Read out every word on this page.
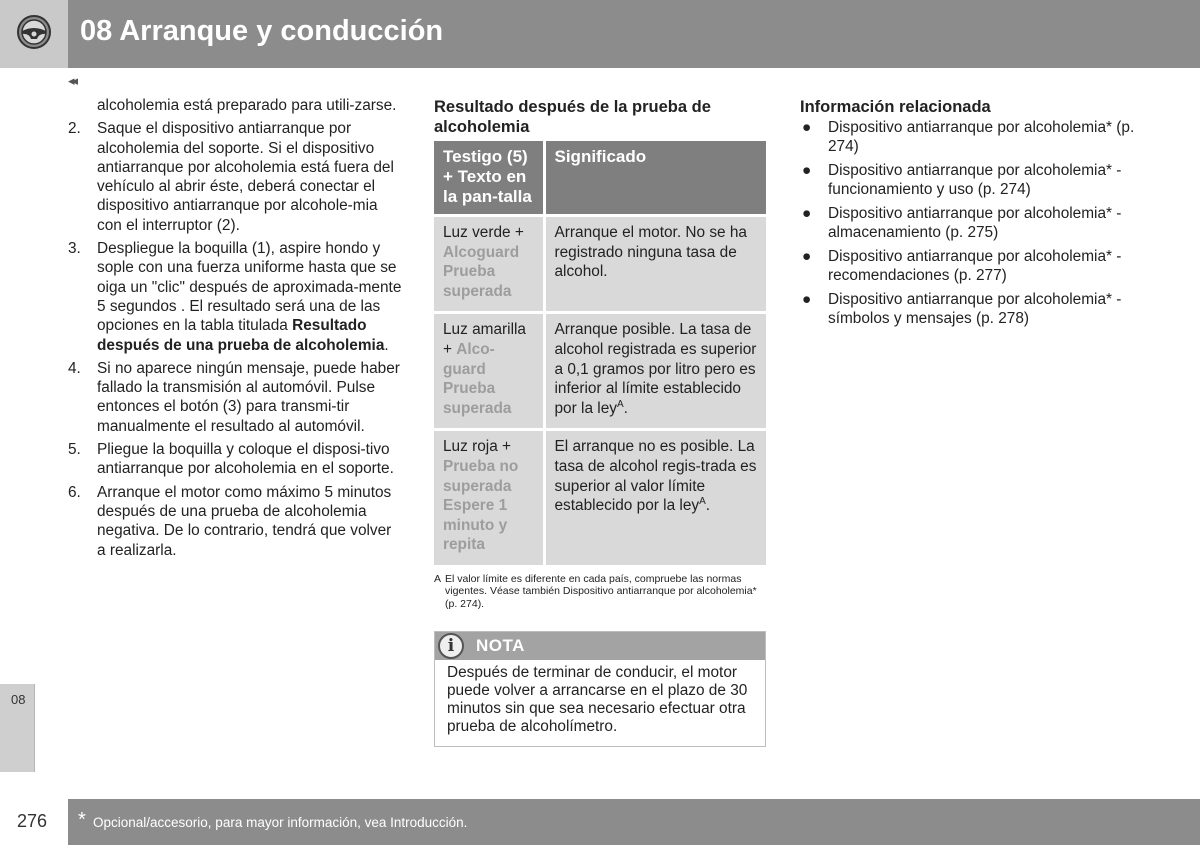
08 Arranque y conducción
◂◂
alcoholemia está preparado para utili-zarse.
2. Saque el dispositivo antiarranque por alcoholemia del soporte. Si el dispositivo antiarranque por alcoholemia está fuera del vehículo al abrir éste, deberá conectar el dispositivo antiarranque por alcohole-mia con el interruptor (2).
3. Despliegue la boquilla (1), aspire hondo y sople con una fuerza uniforme hasta que se oiga un "clic" después de aproximada-mente 5 segundos . El resultado será una de las opciones en la tabla titulada Resultado después de una prueba de alcoholemia.
4. Si no aparece ningún mensaje, puede haber fallado la transmisión al automóvil. Pulse entonces el botón (3) para transmi-tir manualmente el resultado al automóvil.
5. Pliegue la boquilla y coloque el disposi-tivo antiarranque por alcoholemia en el soporte.
6. Arranque el motor como máximo 5 minutos después de una prueba de alcoholemia negativa. De lo contrario, tendrá que volver a realizarla.
Resultado después de la prueba de alcoholemia
Testigo (5) + Texto en la pan-talla	Significado
Luz verde + Alcoguard Prueba superada	Arranque el motor. No se ha registrado ninguna tasa de alcohol.
Luz amarilla + Alco-guard Prueba superada	Arranque posible. La tasa de alcohol registrada es superior a 0,1 gramos por litro pero es inferior al límite establecido por la ley$^A$.
Luz roja + Prueba no superada Espere 1 minuto y repita	El arranque no es posible. La tasa de alcohol regis-trada es superior al valor límite establecido por la ley$^A$.
A El valor límite es diferente en cada país, compruebe las normas vigentes. Véase también Dispositivo antiarranque por alcoholemia* (p. 274).
i	NOTA
Después de terminar de conducir, el motor puede volver a arrancarse en el plazo de 30 minutos sin que sea necesario efectuar otra prueba de alcoholímetro.
Información relacionada
● Dispositivo antiarranque por alcoholemia* (p. 274)
● Dispositivo antiarranque por alcoholemia* - funcionamiento y uso (p. 274)
● Dispositivo antiarranque por alcoholemia* - almacenamiento (p. 275)
● Dispositivo antiarranque por alcoholemia* - recomendaciones (p. 277)
● Dispositivo antiarranque por alcoholemia* - símbolos y mensajes (p. 278)
08
276 * Opcional/accesorio, para mayor información, vea Introducción.
